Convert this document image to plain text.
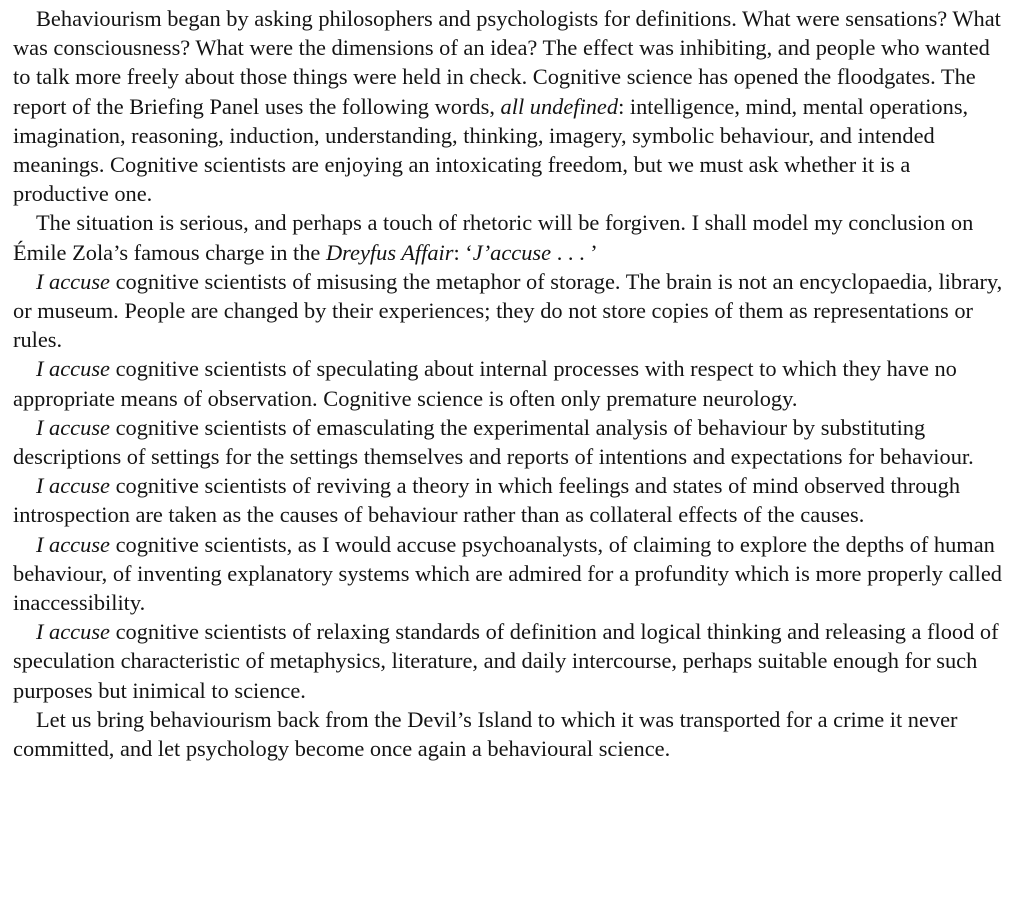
Behaviourism began by asking philosophers and psychologists for definitions. What were sensations? What was consciousness? What were the dimensions of an idea? The effect was inhibiting, and people who wanted to talk more freely about those things were held in check. Cognitive science has opened the floodgates. The report of the Briefing Panel uses the following words, all undefined: intelligence, mind, mental operations, imagination, reasoning, induction, understanding, thinking, imagery, symbolic behaviour, and intended meanings. Cognitive scientists are enjoying an intoxicating freedom, but we must ask whether it is a productive one.

The situation is serious, and perhaps a touch of rhetoric will be forgiven. I shall model my conclusion on Émile Zola’s famous charge in the Dreyfus Affair: ‘J’accuse . . . ’

I accuse cognitive scientists of misusing the metaphor of storage. The brain is not an encyclopaedia, library, or museum. People are changed by their experiences; they do not store copies of them as representations or rules.

I accuse cognitive scientists of speculating about internal processes with respect to which they have no appropriate means of observation. Cognitive science is often only premature neurology.

I accuse cognitive scientists of emasculating the experimental analysis of behaviour by substituting descriptions of settings for the settings themselves and reports of intentions and expectations for behaviour.

I accuse cognitive scientists of reviving a theory in which feelings and states of mind observed through introspection are taken as the causes of behaviour rather than as collateral effects of the causes.

I accuse cognitive scientists, as I would accuse psychoanalysts, of claiming to explore the depths of human behaviour, of inventing explanatory systems which are admired for a profundity which is more properly called inaccessibility.

I accuse cognitive scientists of relaxing standards of definition and logical thinking and releasing a flood of speculation characteristic of metaphysics, literature, and daily intercourse, perhaps suitable enough for such purposes but inimical to science.

Let us bring behaviourism back from the Devil’s Island to which it was transported for a crime it never committed, and let psychology become once again a behavioural science.
